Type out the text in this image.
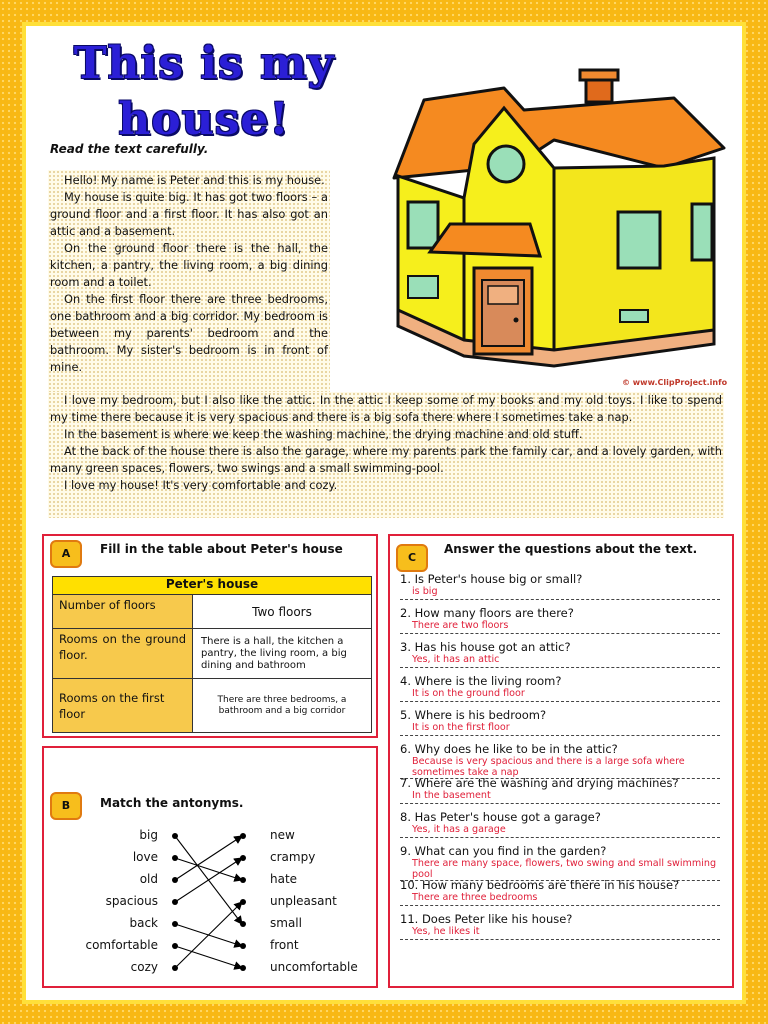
This is my house!
Read the text carefully.
© www.ClipProject.info

Hello! My name is Peter and this is my house.

My house is quite big. It has got two floors – a ground floor and a first floor. It has also got an attic and a basement.

On the ground floor there is the hall, the kitchen, a pantry, the living room, a big dining room and a toilet.

On the first floor there are three bedrooms, one bathroom and a big corridor. My bedroom is between my parents' bedroom and the bathroom. My sister's bedroom is in front of mine.

I love my bedroom, but I also like the attic. In the attic I keep some of my books and my old toys. I like to spend my time there because it is very spacious and there is a big sofa there where I sometimes take a nap.

In the basement is where we keep the washing machine, the drying machine and old stuff.

At the back of the house there is also the garage, where my parents park the family car, and a lovely garden, with many green spaces, flowers, two swings and a small swimming-pool.

I love my house! It's very comfortable and cozy.

A	Fill in the table about Peter's house
Peter's house	
Number of floors	Two floors
Rooms on the ground floor.	There is a hall, the kitchen a pantry, the living room, a big dining and bathroom
Rooms on the first floor	There are three bedrooms, a bathroom and a big corridor
B	Match the antonyms.
big
love
old
spacious
back
comfortable
cozy
new
crampy
hate
unpleasant
small
front
uncomfortable
C
Answer the questions about the text.
1. Is Peter's house big or small?
is big
2. How many floors are there?
There are two floors
3. Has his house got an attic?
Yes, it has an attic
4. Where is the living room?
It is on the ground floor
5. Where is his bedroom?
It is on the first floor
6. Why does he like to be in the attic?
Because is very spacious and there is a large sofa where sometimes take a nap
7. Where are the washing and drying machines?
In the basement
8. Has Peter's house got a garage?
Yes, it has a garage
9. What can you find in the garden?
There are many space, flowers, two swing and small swimming pool
10. How many bedrooms are there in his house?
There are three bedrooms
11. Does Peter like his house?
Yes, he likes it
